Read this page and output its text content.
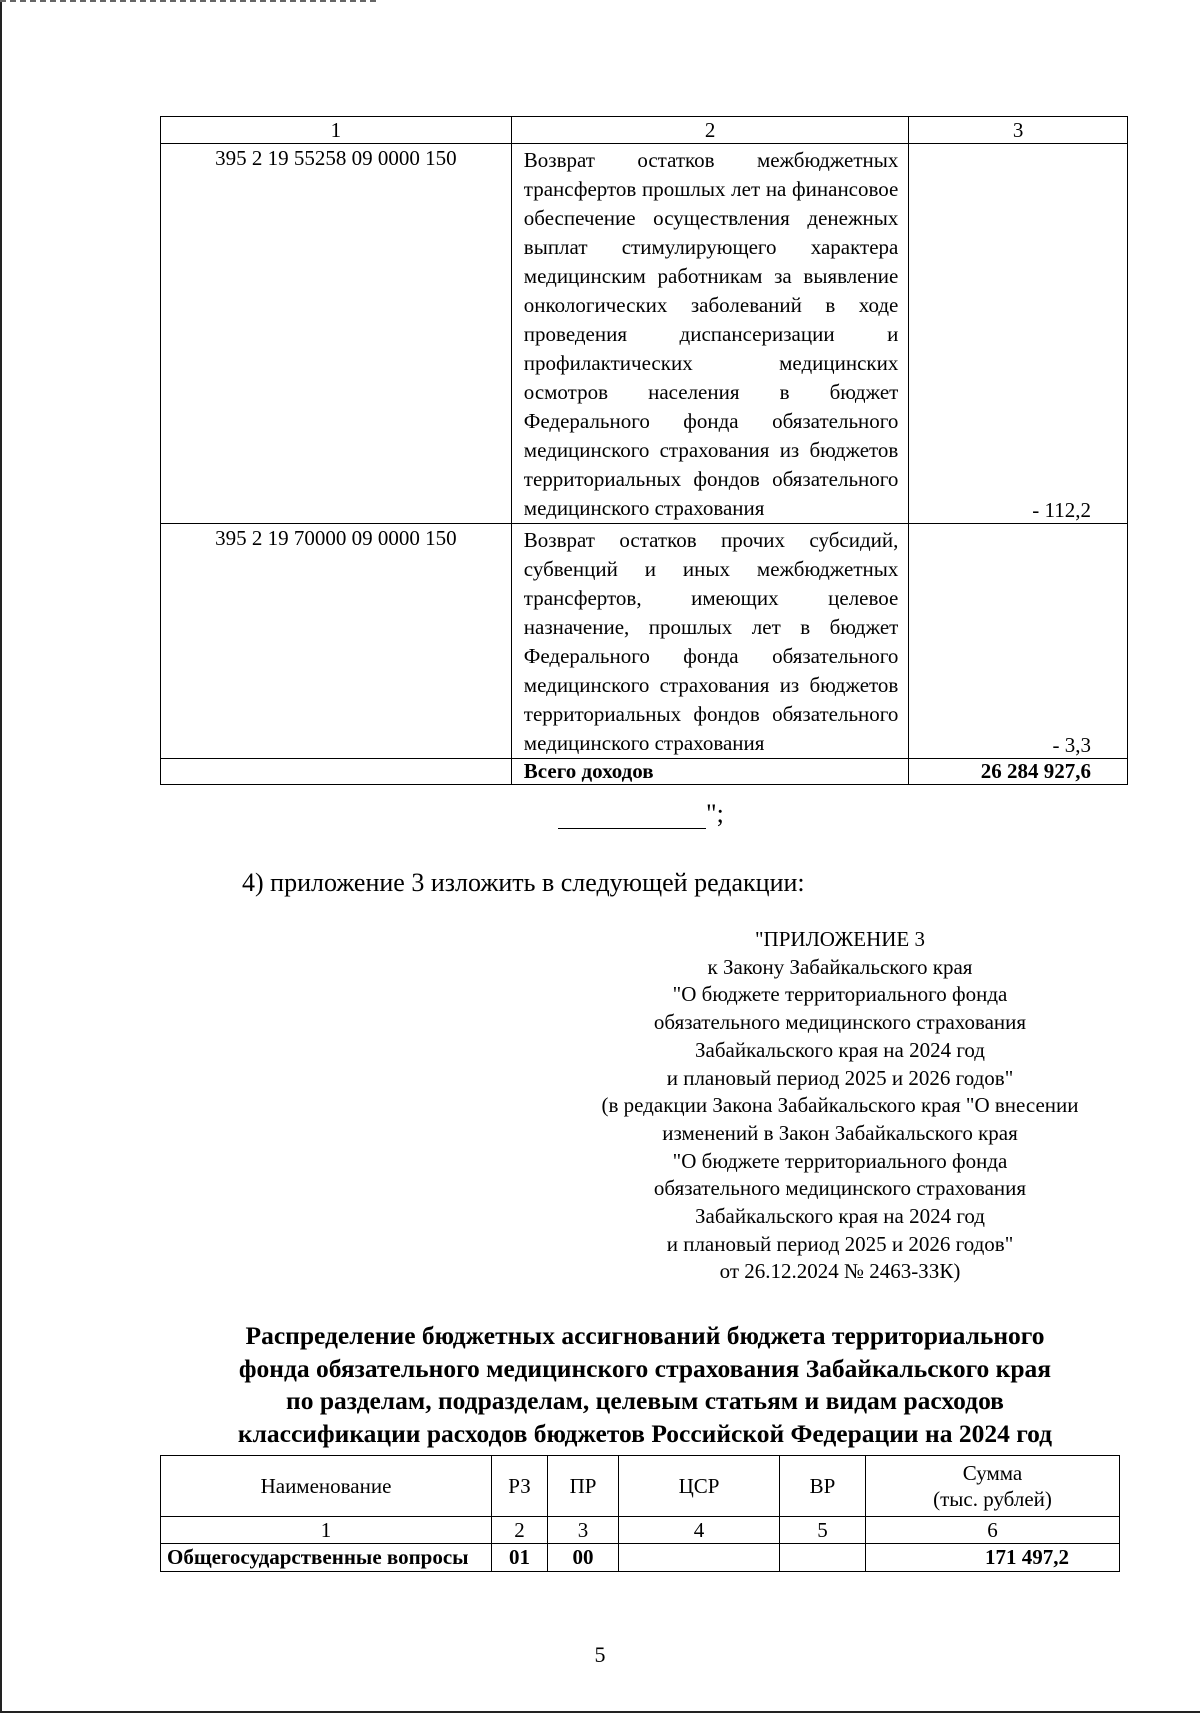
1	2	3
395 2 19 55258 09 0000 150	Возврат остатков межбюджетных трансфертов прошлых лет на финансовое обеспечение осуществления денежных выплат стимулирующего характера медицинским работникам за выявление онкологических заболеваний в ходе проведения диспансеризации и профилактических медицинских осмотров населения в бюджет Федерального фонда обязательного медицинского страхования из бюджетов территориальных фондов обязательного медицинского страхования	- 112,2
395 2 19 70000 09 0000 150	Возврат остатков прочих субсидий, субвенций и иных межбюджетных трансфертов, имеющих целевое назначение, прошлых лет в бюджет Федерального фонда обязательного медицинского страхования из бюджетов территориальных фондов обязательного медицинского страхования	- 3,3
	Всего доходов	26 284 927,6
";
4) приложение 3 изложить в следующей редакции:
"ПРИЛОЖЕНИЕ 3
к Закону Забайкальского края
"О бюджете территориального фонда
обязательного медицинского страхования
Забайкальского края на 2024 год
и плановый период 2025 и 2026 годов"
(в редакции Закона Забайкальского края "О внесении
изменений в Закон Забайкальского края
"О бюджете территориального фонда
обязательного медицинского страхования
Забайкальского края на 2024 год
и плановый период 2025 и 2026 годов"
от 26.12.2024 № 2463-ЗЗК)
Распределение бюджетных ассигнований бюджета территориального
фонда обязательного медицинского страхования Забайкальского края
по разделам, подразделам, целевым статьям и видам расходов
классификации расходов бюджетов Российской Федерации на 2024 год
Наименование	РЗ	ПР	ЦСР	ВР	Сумма
(тыс. рублей)

1	2	3	4	5	6
Общегосударственные вопросы	01	00			171 497,2
5
